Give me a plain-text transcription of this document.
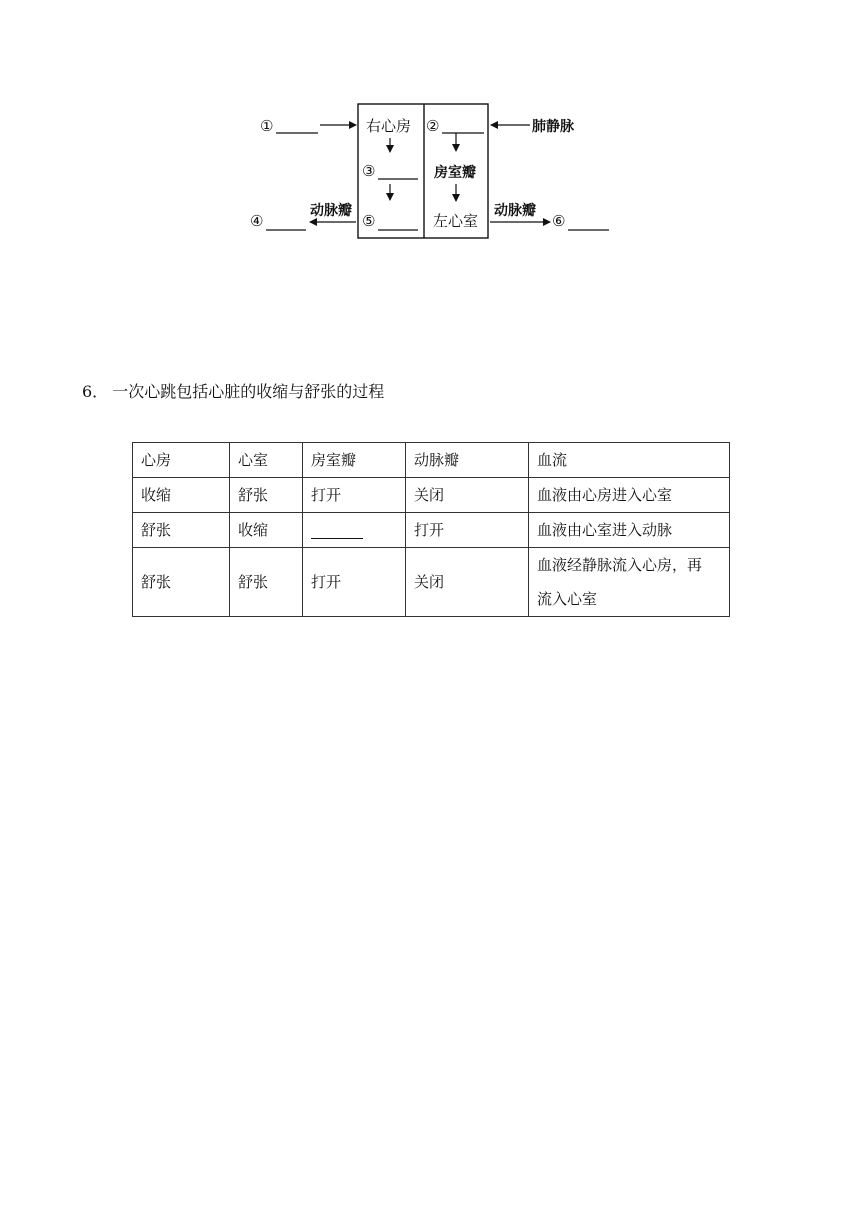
①	右心房
③
⑤
④
动脉瓣
②	肺静脉
房室瓣
左心室
动脉瓣
⑥
6． 一次心跳包括心脏的收缩与舒张的过程
心房	心室	房室瓣	动脉瓣	血流
收缩	舒张	打开	关闭	血液由心房进入心室
舒张	收缩		打开	血液由心室进入动脉
舒张	舒张	打开	关闭	血液经静脉流入心房，再
流入心室
